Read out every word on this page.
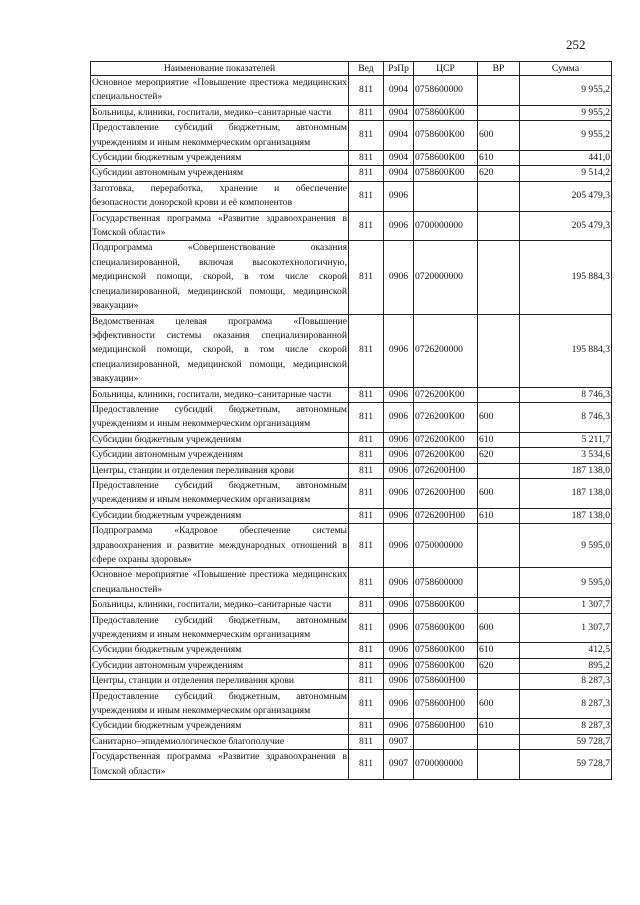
252
Наименование показателей	Вед	РзПр	ЦСР	ВР	Сумма
Основное мероприятие «Повышение престижа медицинских специальностей»	811	0904	0758600000		9 955,2
Больницы, клиники, госпитали, медико–санитарные части	811	0904	0758600К00		9 955,2
Предоставление субсидий бюджетным, автономным учреждениям и иным некоммерческим организациям	811	0904	0758600К00	600	9 955,2
Субсидии бюджетным учреждениям	811	0904	0758600К00	610	441,0
Субсидии автономным учреждениям	811	0904	0758600К00	620	9 514,2
Заготовка, переработка, хранение и обеспечение безопасности донорской крови и её компонентов	811	0906			205 479,3
Государственная программа «Развитие здравоохранения в Томской области»	811	0906	0700000000		205 479,3
Подпрограмма «Совершенствование оказания специализированной, включая высокотехнологичную, медицинской помощи, скорой, в том числе скорой специализированной, медицинской помощи, медицинской эвакуации»	811	0906	0720000000		195 884,3
Ведомственная целевая программа «Повышение эффективности системы оказания специализированной медицинской помощи, скорой, в том числе скорой специализированной, медицинской помощи, медицинской эвакуации»	811	0906	0726200000		195 884,3
Больницы, клиники, госпитали, медико–санитарные части	811	0906	0726200К00		8 746,3
Предоставление субсидий бюджетным, автономным учреждениям и иным некоммерческим организациям	811	0906	0726200К00	600	8 746,3
Субсидии бюджетным учреждениям	811	0906	0726200К00	610	5 211,7
Субсидии автономным учреждениям	811	0906	0726200К00	620	3 534,6
Центры, станции и отделения переливания крови	811	0906	0726200Н00		187 138,0
Предоставление субсидий бюджетным, автономным учреждениям и иным некоммерческим организациям	811	0906	0726200Н00	600	187 138,0
Субсидии бюджетным учреждениям	811	0906	0726200Н00	610	187 138,0
Подпрограмма «Кадровое обеспечение системы здравоохранения и развитие международных отношений в сфере охраны здоровья»	811	0906	0750000000		9 595,0
Основное мероприятие «Повышение престижа медицинских специальностей»	811	0906	0758600000		9 595,0
Больницы, клиники, госпитали, медико–санитарные части	811	0906	0758600К00		1 307,7
Предоставление субсидий бюджетным, автономным учреждениям и иным некоммерческим организациям	811	0906	0758600К00	600	1 307,7
Субсидии бюджетным учреждениям	811	0906	0758600К00	610	412,5
Субсидии автономным учреждениям	811	0906	0758600К00	620	895,2
Центры, станции и отделения переливания крови	811	0906	0758600Н00		8 287,3
Предоставление субсидий бюджетным, автономным учреждениям и иным некоммерческим организациям	811	0906	0758600Н00	600	8 287,3
Субсидии бюджетным учреждениям	811	0906	0758600Н00	610	8 287,3
Санитарно–эпидемиологическое благополучие	811	0907			59 728,7
Государственная программа «Развитие здравоохранения в Томской области»	811	0907	0700000000		59 728,7
